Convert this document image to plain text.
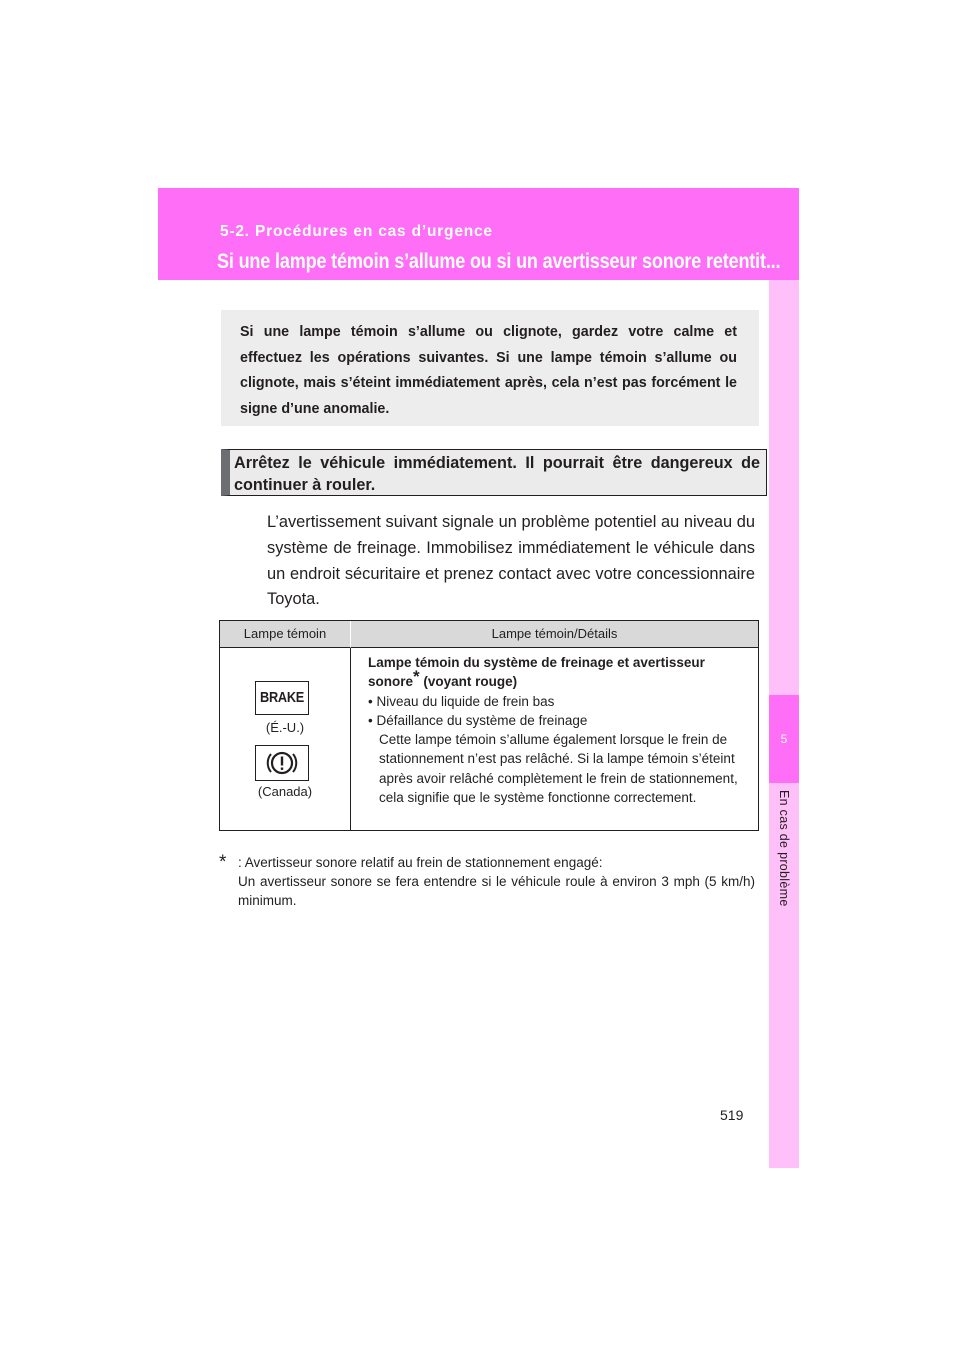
5-2. Procédures en cas d’urgence
Si une lampe témoin s’allume ou si un avertisseur sonore retentit...
5
En cas de problème
Si une lampe témoin s’allume ou clignote, gardez votre calme et effectuez les opérations suivantes. Si une lampe témoin s’allume ou clignote, mais s’éteint immédiatement après, cela n’est pas forcément le signe d’une anomalie.
Arrêtez le véhicule immédiatement. Il pourrait être dangereux de continuer à rouler.
L’avertissement suivant signale un problème potentiel au niveau du système de freinage. Immobilisez immédiatement le véhicule dans un endroit sécuritaire et prenez contact avec votre concessionnaire Toyota.
Lampe témoin	Lampe témoin/Détails
BRAKE
(É.-U.)
(Canada)
Lampe témoin du système de freinage et avertisseur sonore* (voyant rouge)
• Niveau du liquide de frein bas
• Défaillance du système de freinage
Cette lampe témoin s’allume également lorsque le frein de stationnement n’est pas relâché. Si la lampe témoin s’éteint après avoir relâché complètement le frein de stationnement, cela signifie que le système fonctionne correctement.
* : Avertisseur sonore relatif au frein de stationnement engagé:
Un avertisseur sonore se fera entendre si le véhicule roule à environ 3 mph (5 km/h) minimum.
519
